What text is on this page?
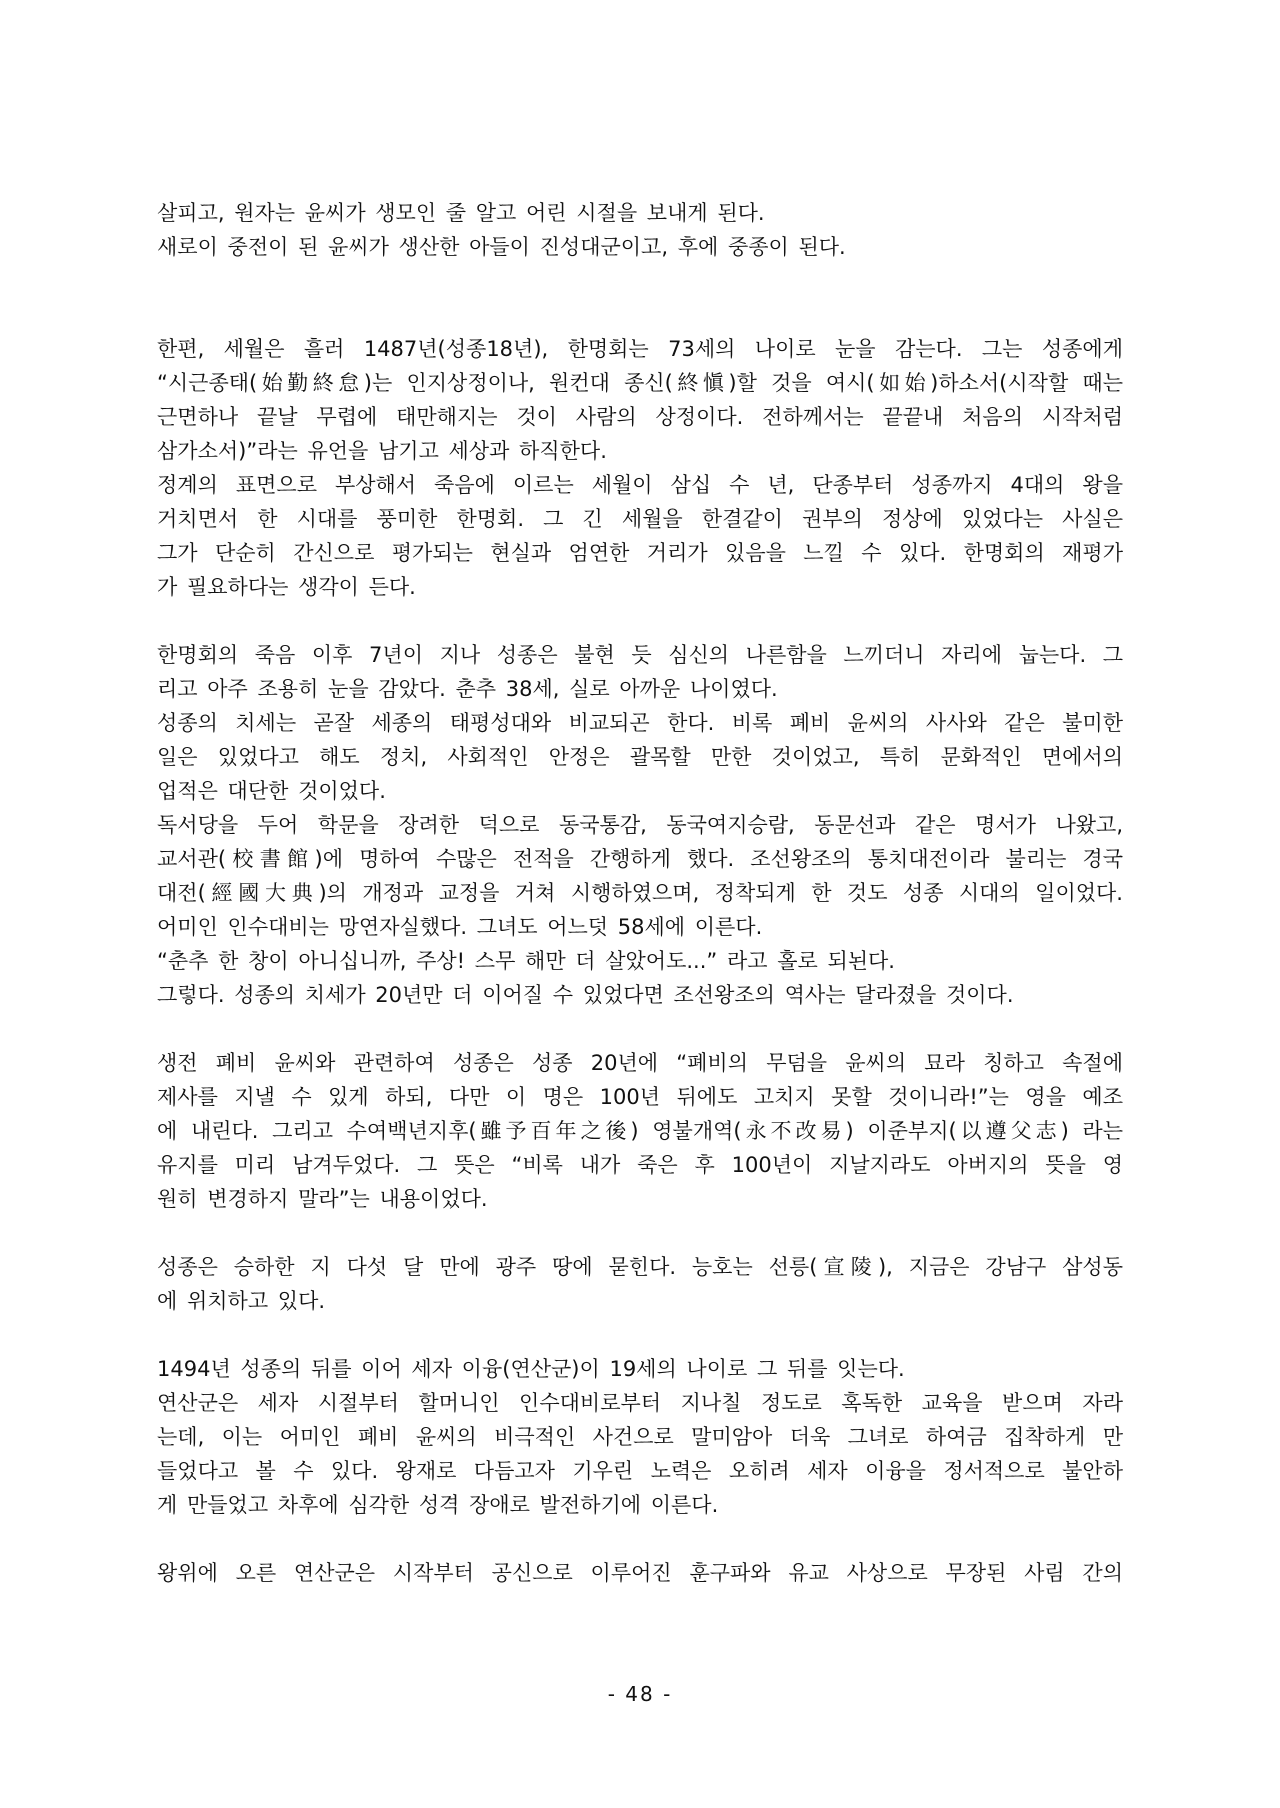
살피고, 원자는 윤씨가 생모인 줄 알고 어린 시절을 보내게 된다.
새로이 중전이 된 윤씨가 생산한 아들이 진성대군이고, 후에 중종이 된다.
한편, 세월은 흘러 1487년(성종18년), 한명회는 73세의 나이로 눈을 감는다. 그는 성종에게
“시근종태(始勤終怠)는 인지상정이나, 원컨대 종신(終愼)할 것을 여시(如始)하소서(시작할 때는
근면하나 끝날 무렵에 태만해지는 것이 사람의 상정이다. 전하께서는 끝끝내 처음의 시작처럼
삼가소서)”라는 유언을 남기고 세상과 하직한다.
정계의 표면으로 부상해서 죽음에 이르는 세월이 삼십 수 년, 단종부터 성종까지 4대의 왕을
거치면서 한 시대를 풍미한 한명회. 그 긴 세월을 한결같이 권부의 정상에 있었다는 사실은
그가 단순히 간신으로 평가되는 현실과 엄연한 거리가 있음을 느낄 수 있다. 한명회의 재평가
가 필요하다는 생각이 든다.
한명회의 죽음 이후 7년이 지나 성종은 불현 듯 심신의 나른함을 느끼더니 자리에 눕는다. 그
리고 아주 조용히 눈을 감았다. 춘추 38세, 실로 아까운 나이였다.
성종의 치세는 곧잘 세종의 태평성대와 비교되곤 한다. 비록 폐비 윤씨의 사사와 같은 불미한
일은 있었다고 해도 정치, 사회적인 안정은 괄목할 만한 것이었고, 특히 문화적인 면에서의
업적은 대단한 것이었다.
독서당을 두어 학문을 장려한 덕으로 동국통감, 동국여지승람, 동문선과 같은 명서가 나왔고,
교서관(校書館)에 명하여 수많은 전적을 간행하게 했다. 조선왕조의 통치대전이라 불리는 경국
대전(經國大典)의 개정과 교정을 거쳐 시행하였으며, 정착되게 한 것도 성종 시대의 일이었다.
어미인 인수대비는 망연자실했다. 그녀도 어느덧 58세에 이른다.
“춘추 한 창이 아니십니까, 주상! 스무 해만 더 살았어도...” 라고 홀로 되뇐다.
그렇다. 성종의 치세가 20년만 더 이어질 수 있었다면 조선왕조의 역사는 달라졌을 것이다.
생전 폐비 윤씨와 관련하여 성종은 성종 20년에 “폐비의 무덤을 윤씨의 묘라 칭하고 속절에
제사를 지낼 수 있게 하되, 다만 이 명은 100년 뒤에도 고치지 못할 것이니라!”는 영을 예조
에 내린다. 그리고 수여백년지후(雖予百年之後) 영불개역(永不改易) 이준부지(以遵父志) 라는
유지를 미리 남겨두었다. 그 뜻은 “비록 내가 죽은 후 100년이 지날지라도 아버지의 뜻을 영
원히 변경하지 말라”는 내용이었다.
성종은 승하한 지 다섯 달 만에 광주 땅에 묻힌다. 능호는 선릉(宣陵), 지금은 강남구 삼성동
에 위치하고 있다.
1494년 성종의 뒤를 이어 세자 이융(연산군)이 19세의 나이로 그 뒤를 잇는다.
연산군은 세자 시절부터 할머니인 인수대비로부터 지나칠 정도로 혹독한 교육을 받으며 자라
는데, 이는 어미인 폐비 윤씨의 비극적인 사건으로 말미암아 더욱 그녀로 하여금 집착하게 만
들었다고 볼 수 있다. 왕재로 다듬고자 기우린 노력은 오히려 세자 이융을 정서적으로 불안하
게 만들었고 차후에 심각한 성격 장애로 발전하기에 이른다.
왕위에 오른 연산군은 시작부터 공신으로 이루어진 훈구파와 유교 사상으로 무장된 사림 간의
- 48 -
